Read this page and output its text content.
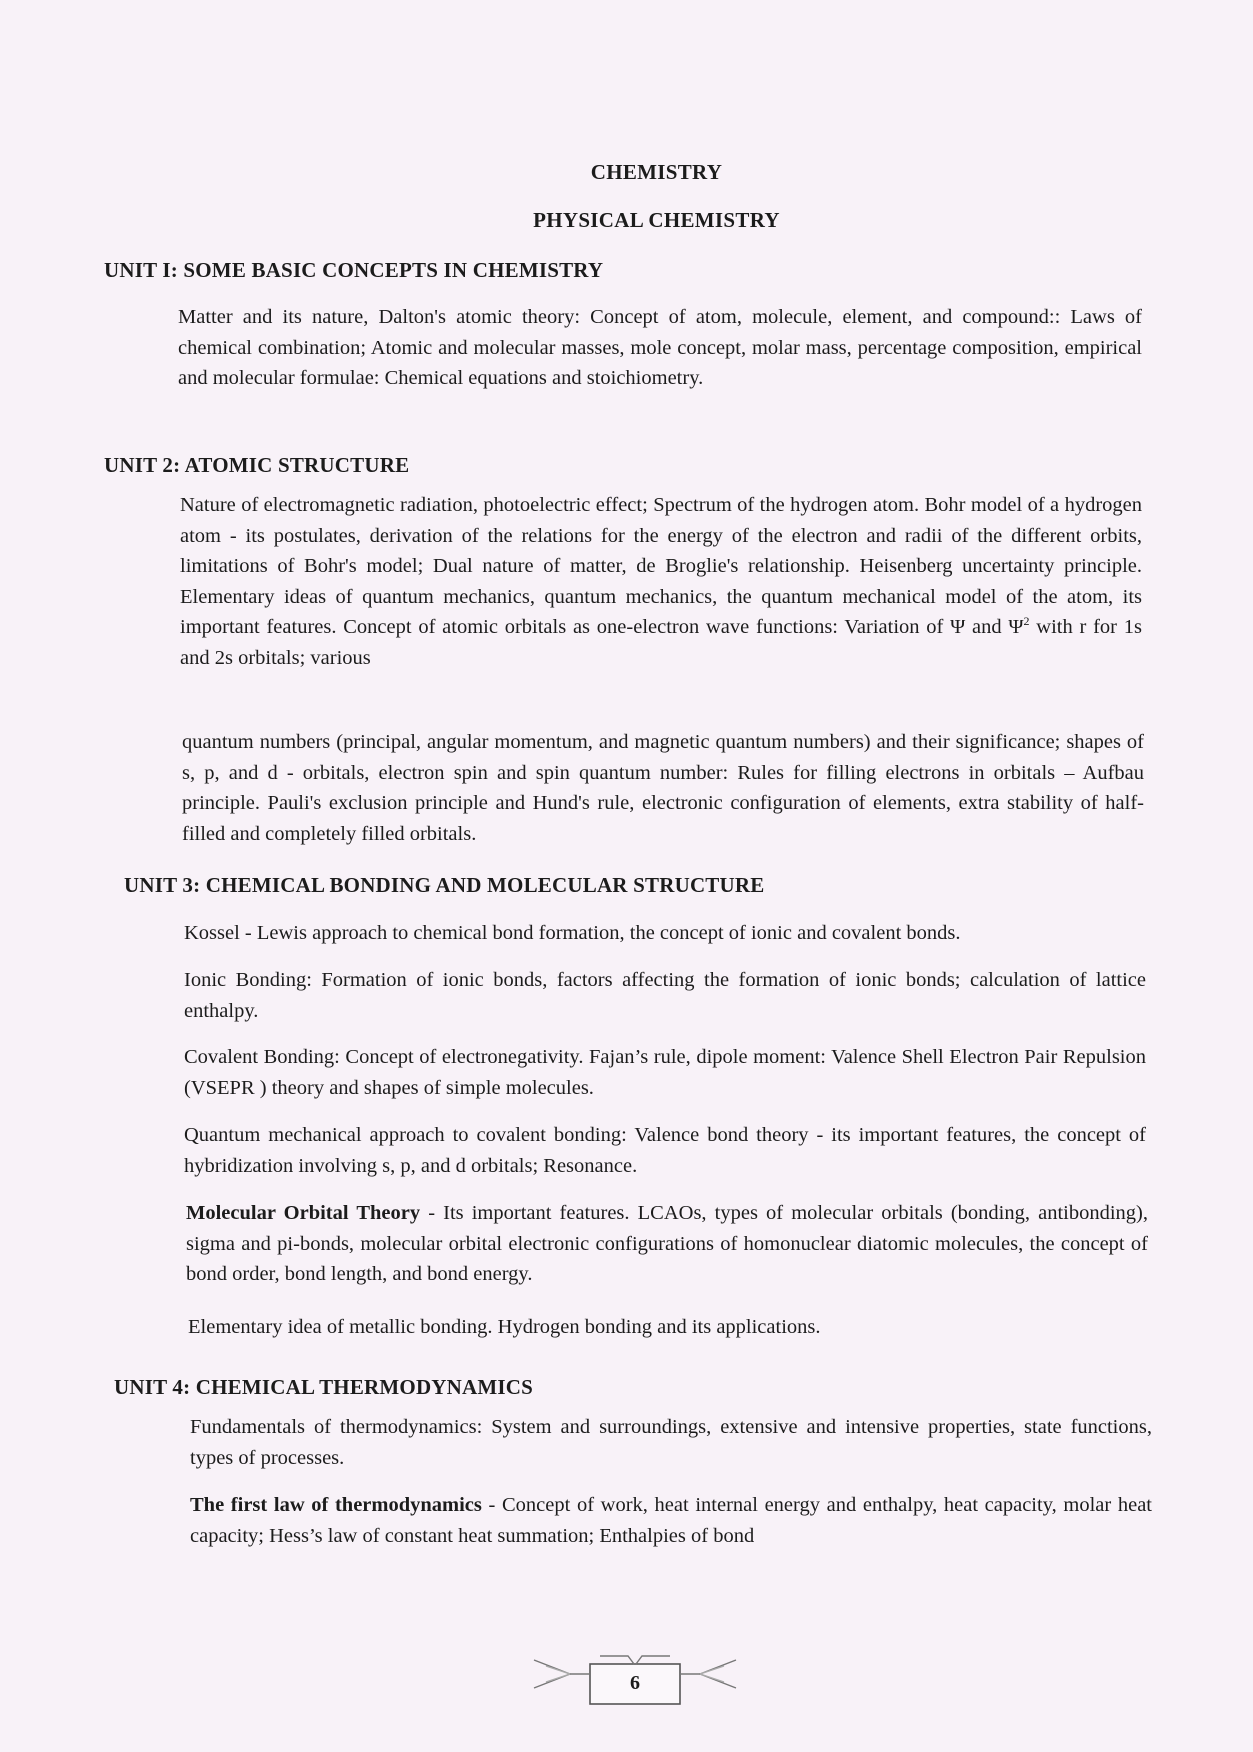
CHEMISTRY
PHYSICAL CHEMISTRY
UNIT I: SOME BASIC CONCEPTS IN CHEMISTRY

Matter and its nature, Dalton's atomic theory: Concept of atom, molecule, element, and compound:: Laws of chemical combination; Atomic and molecular masses, mole concept, molar mass, percentage composition, empirical and molecular formulae: Chemical equations and stoichiometry.

UNIT 2: ATOMIC STRUCTURE

Nature of electromagnetic radiation, photoelectric effect; Spectrum of the hydrogen atom. Bohr model of a hydrogen atom - its postulates, derivation of the relations for the energy of the electron and radii of the different orbits, limitations of Bohr's model; Dual nature of matter, de Broglie's relationship. Heisenberg uncertainty principle. Elementary ideas of quantum mechanics, quantum mechanics, the quantum mechanical model of the atom, its important features. Concept of atomic orbitals as one-electron wave functions: Variation of Ψ and $\Psi^2$ with r for 1s and 2s orbitals; various

quantum numbers (principal, angular momentum, and magnetic quantum numbers) and their significance; shapes of s, p, and d - orbitals, electron spin and spin quantum number: Rules for filling electrons in orbitals – Aufbau principle. Pauli's exclusion principle and Hund's rule, electronic configuration of elements, extra stability of half-filled and completely filled orbitals.

UNIT 3: CHEMICAL BONDING AND MOLECULAR STRUCTURE

Kossel - Lewis approach to chemical bond formation, the concept of ionic and covalent bonds.

Ionic Bonding: Formation of ionic bonds, factors affecting the formation of ionic bonds; calculation of lattice enthalpy.

Covalent Bonding: Concept of electronegativity. Fajan’s rule, dipole moment: Valence Shell Electron Pair Repulsion (VSEPR ) theory and shapes of simple molecules.

Quantum mechanical approach to covalent bonding: Valence bond theory - its important features, the concept of hybridization involving s, p, and d orbitals; Resonance.

Molecular Orbital Theory - Its important features. LCAOs, types of molecular orbitals (bonding, antibonding), sigma and pi-bonds, molecular orbital electronic configurations of homonuclear diatomic molecules, the concept of bond order, bond length, and bond energy.

Elementary idea of metallic bonding. Hydrogen bonding and its applications.

UNIT 4: CHEMICAL THERMODYNAMICS

Fundamentals of thermodynamics: System and surroundings, extensive and intensive properties, state functions, types of processes.

The first law of thermodynamics - Concept of work, heat internal energy and enthalpy, heat capacity, molar heat capacity; Hess’s law of constant heat summation; Enthalpies of bond

6
